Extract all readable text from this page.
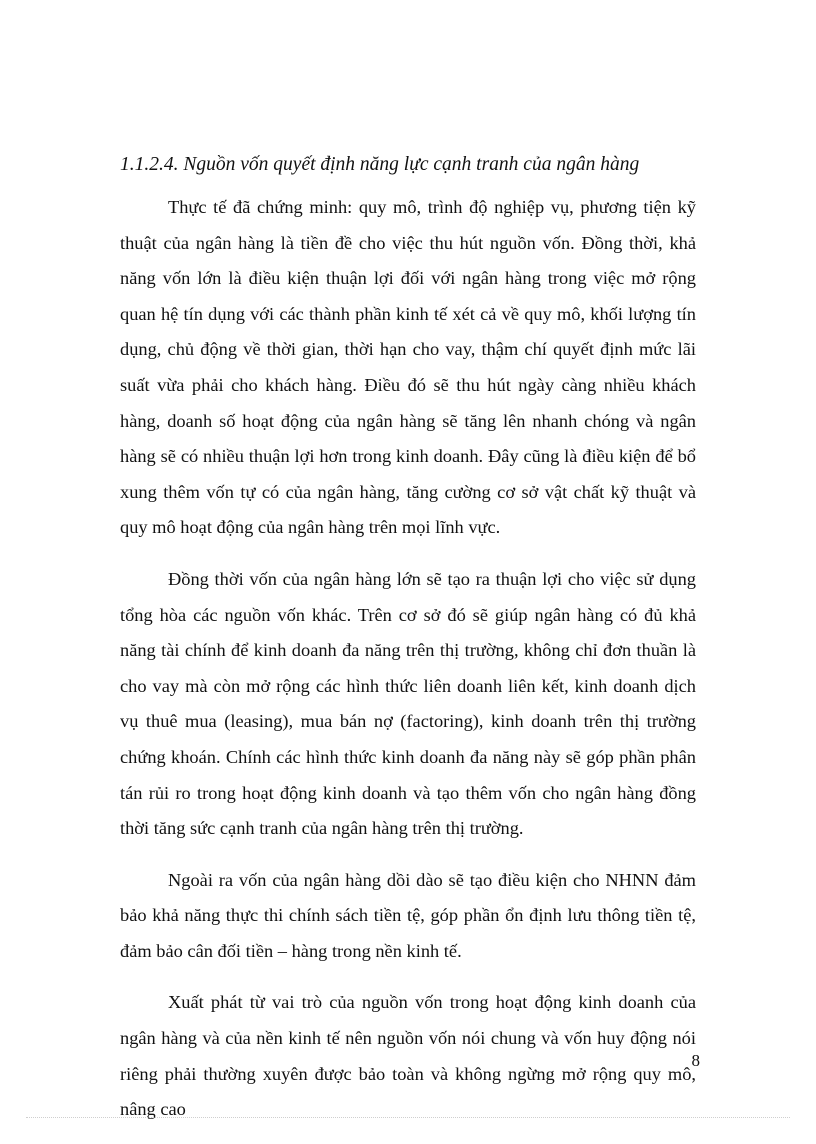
1.1.2.4. Nguồn vốn quyết định năng lực cạnh tranh của ngân hàng

Thực tế đã chứng minh: quy mô, trình độ nghiệp vụ, phương tiện kỹ thuật của ngân hàng là tiền đề cho việc thu hút nguồn vốn. Đồng thời, khả năng vốn lớn là điều kiện thuận lợi đối với ngân hàng trong việc mở rộng quan hệ tín dụng với các thành phần kinh tế xét cả về quy mô, khối lượng tín dụng, chủ động về thời gian, thời hạn cho vay, thậm chí quyết định mức lãi suất vừa phải cho khách hàng. Điều đó sẽ thu hút ngày càng nhiều khách hàng, doanh số hoạt động của ngân hàng sẽ tăng lên nhanh chóng và ngân hàng sẽ có nhiều thuận lợi hơn trong kinh doanh. Đây cũng là điều kiện để bổ xung thêm vốn tự có của ngân hàng, tăng cường cơ sở vật chất kỹ thuật và quy mô hoạt động của ngân hàng trên mọi lĩnh vực.

Đồng thời vốn của ngân hàng lớn sẽ tạo ra thuận lợi cho việc sử dụng tổng hòa các nguồn vốn khác. Trên cơ sở đó sẽ giúp ngân hàng có đủ khả năng tài chính để kinh doanh đa năng trên thị trường, không chỉ đơn thuần là cho vay mà còn mở rộng các hình thức liên doanh liên kết, kinh doanh dịch vụ thuê mua (leasing), mua bán nợ (factoring), kinh doanh trên thị trường chứng khoán. Chính các hình thức kinh doanh đa năng này sẽ góp phần phân tán rủi ro trong hoạt động kinh doanh và tạo thêm vốn cho ngân hàng đồng thời tăng sức cạnh tranh của ngân hàng trên thị trường.

Ngoài ra vốn của ngân hàng dồi dào sẽ tạo điều kiện cho NHNN đảm bảo khả năng thực thi chính sách tiền tệ, góp phần ổn định lưu thông tiền tệ, đảm bảo cân đối tiền – hàng trong nền kinh tế.

Xuất phát từ vai trò của nguồn vốn trong hoạt động kinh doanh của ngân hàng và của nền kinh tế nên nguồn vốn nói chung và vốn huy động nói riêng phải thường xuyên được bảo toàn và không ngừng mở rộng quy mô, nâng cao

8
